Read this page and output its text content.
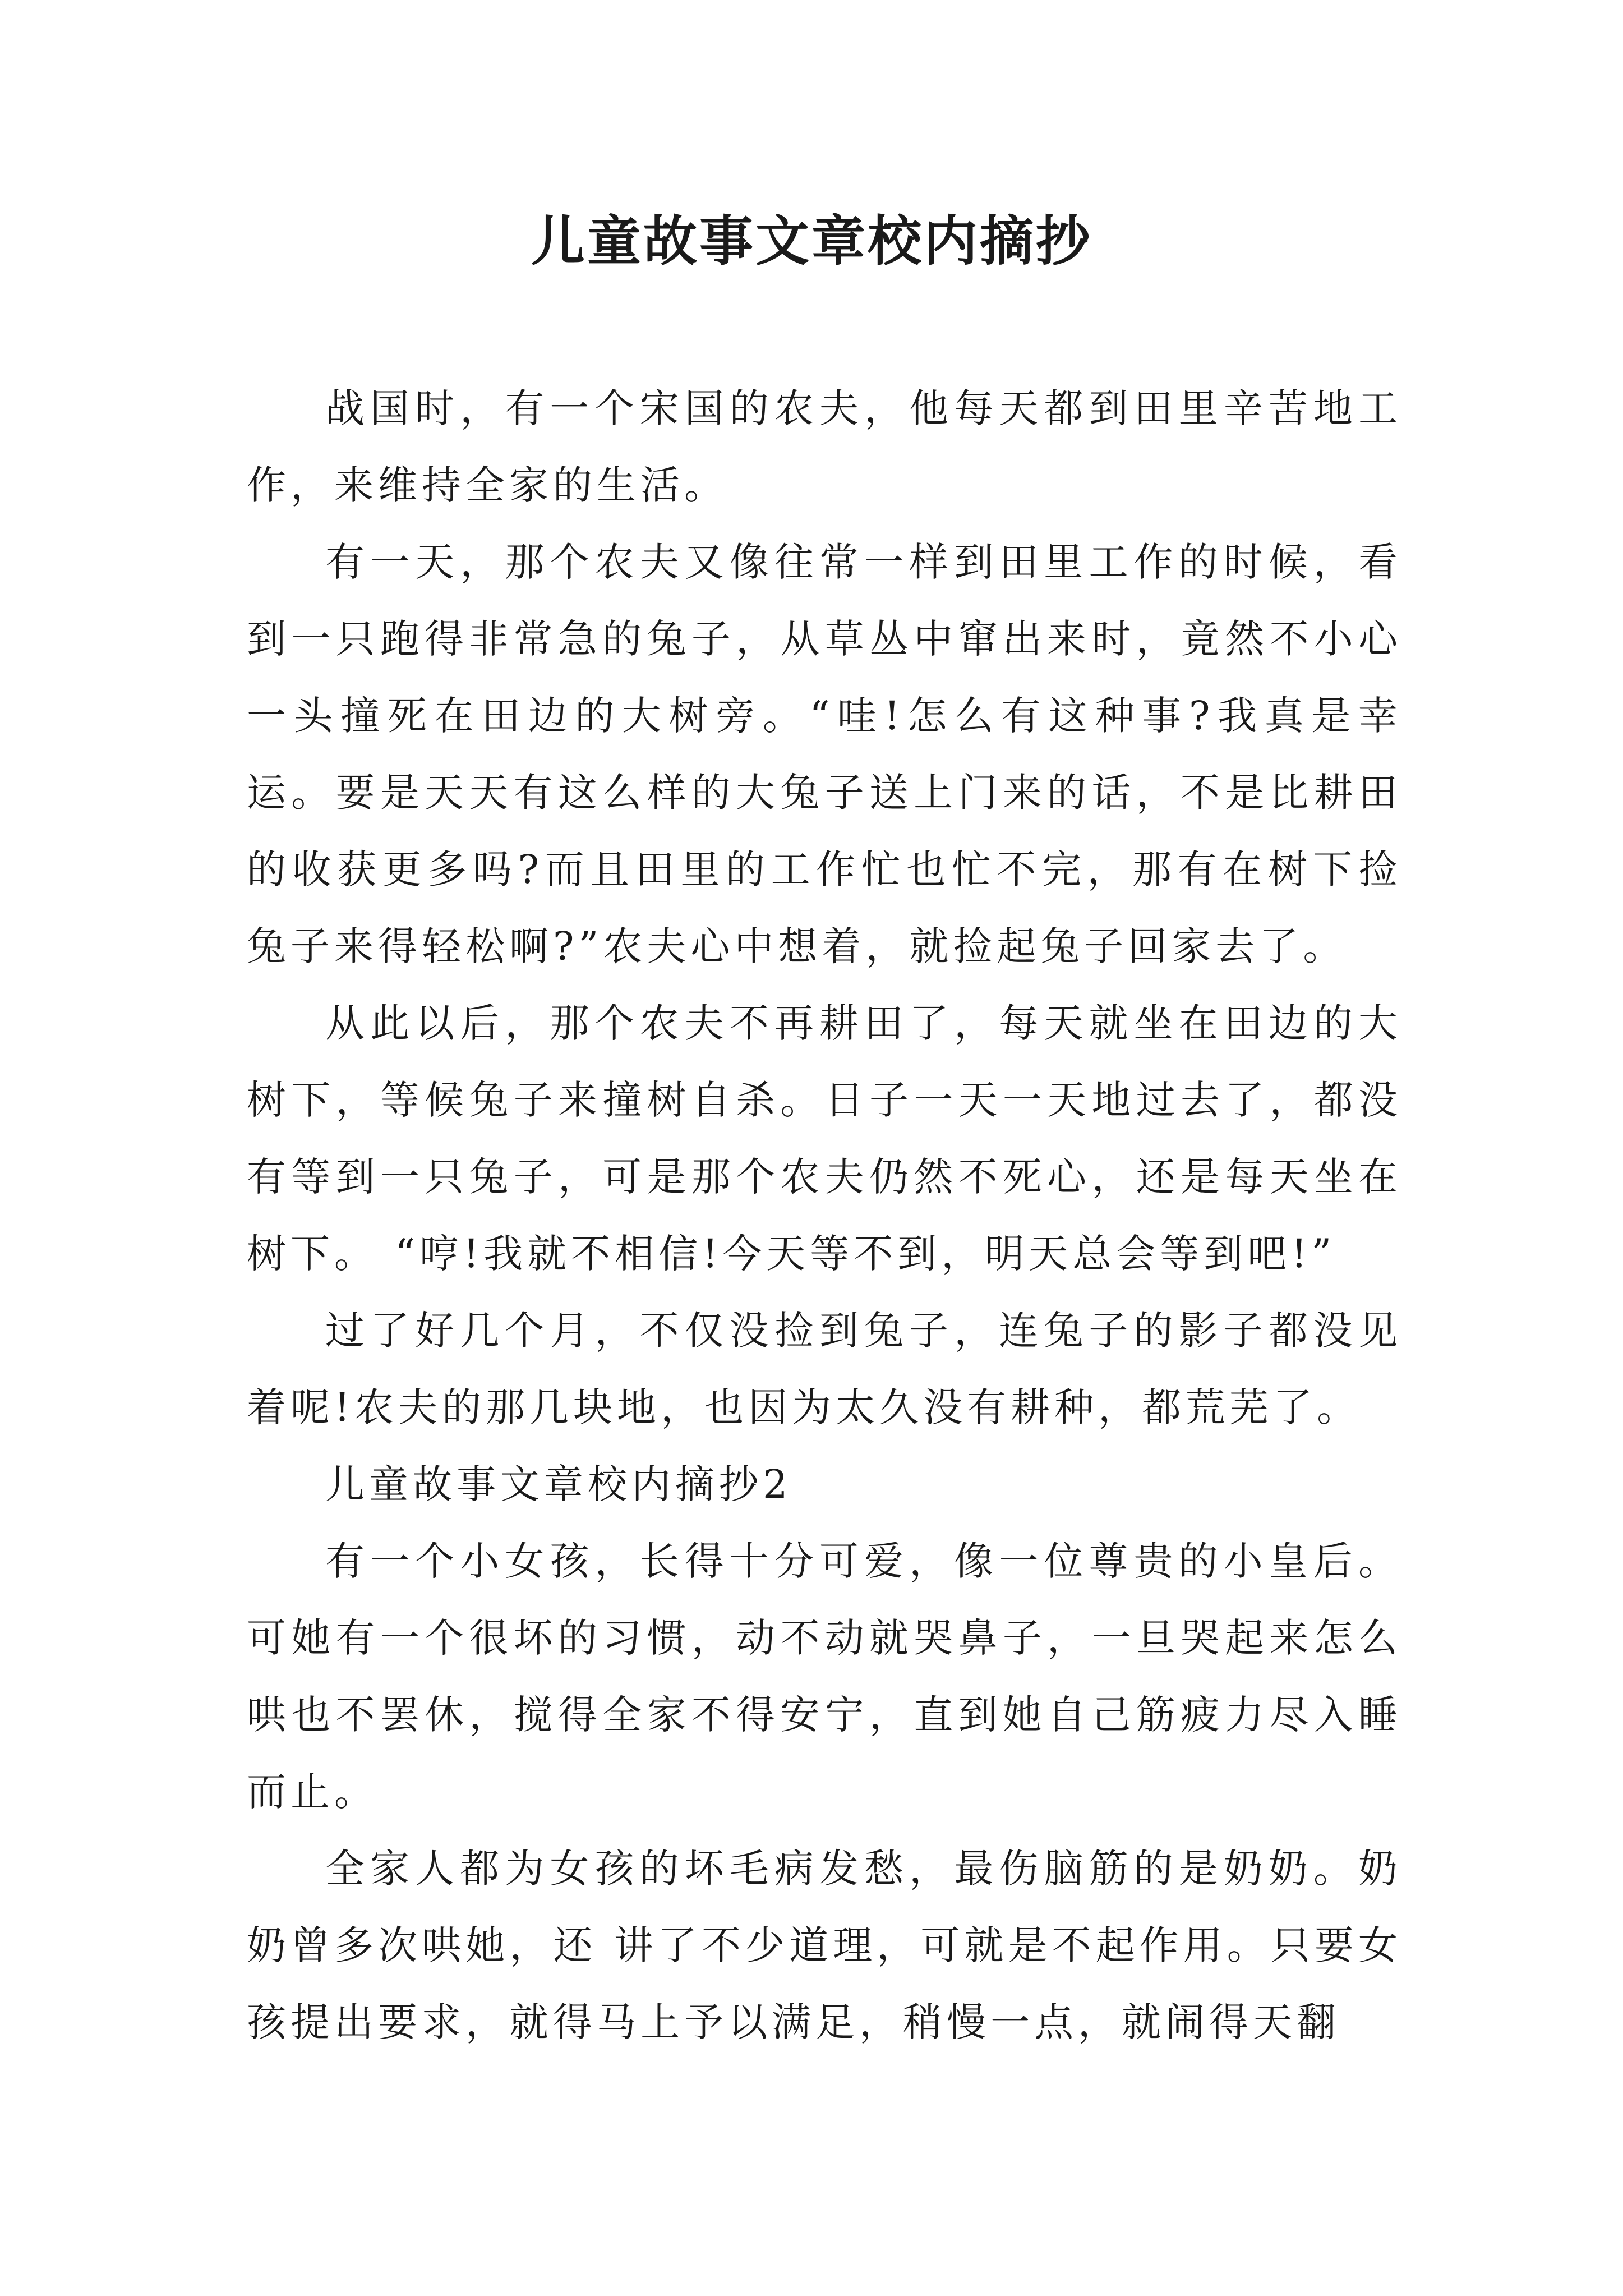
儿童故事文章校内摘抄

战国时，有一个宋国的农夫，他每天都到田里辛苦地工作，来维持全家的生活。

有一天，那个农夫又像往常一样到田里工作的时候，看到一只跑得非常急的兔子，从草丛中窜出来时，竟然不小心一头撞死在田边的大树旁。“哇!怎么有这种事?我真是幸运。要是天天有这么样的大兔子送上门来的话，不是比耕田的收获更多吗?而且田里的工作忙也忙不完，那有在树下捡兔子来得轻松啊?”农夫心中想着，就捡起兔子回家去了。

从此以后，那个农夫不再耕田了，每天就坐在田边的大树下，等候兔子来撞树自杀。日子一天一天地过去了，都没有等到一只兔子，可是那个农夫仍然不死心，还是每天坐在树下。 “哼!我就不相信!今天等不到，明天总会等到吧!”

过了好几个月，不仅没捡到兔子，连兔子的影子都没见着呢!农夫的那几块地，也因为太久没有耕种，都荒芜了。

儿童故事文章校内摘抄2

有一个小女孩，长得十分可爱，像一位尊贵的小皇后。可她有一个很坏的习惯，动不动就哭鼻子，一旦哭起来怎么哄也不罢休，搅得全家不得安宁，直到她自己筋疲力尽入睡而止。

全家人都为女孩的坏毛病发愁，最伤脑筋的是奶奶。奶奶曾多次哄她，还 讲了不少道理，可就是不起作用。只要女孩提出要求，就得马上予以满足，稍慢一点，就闹得天翻
